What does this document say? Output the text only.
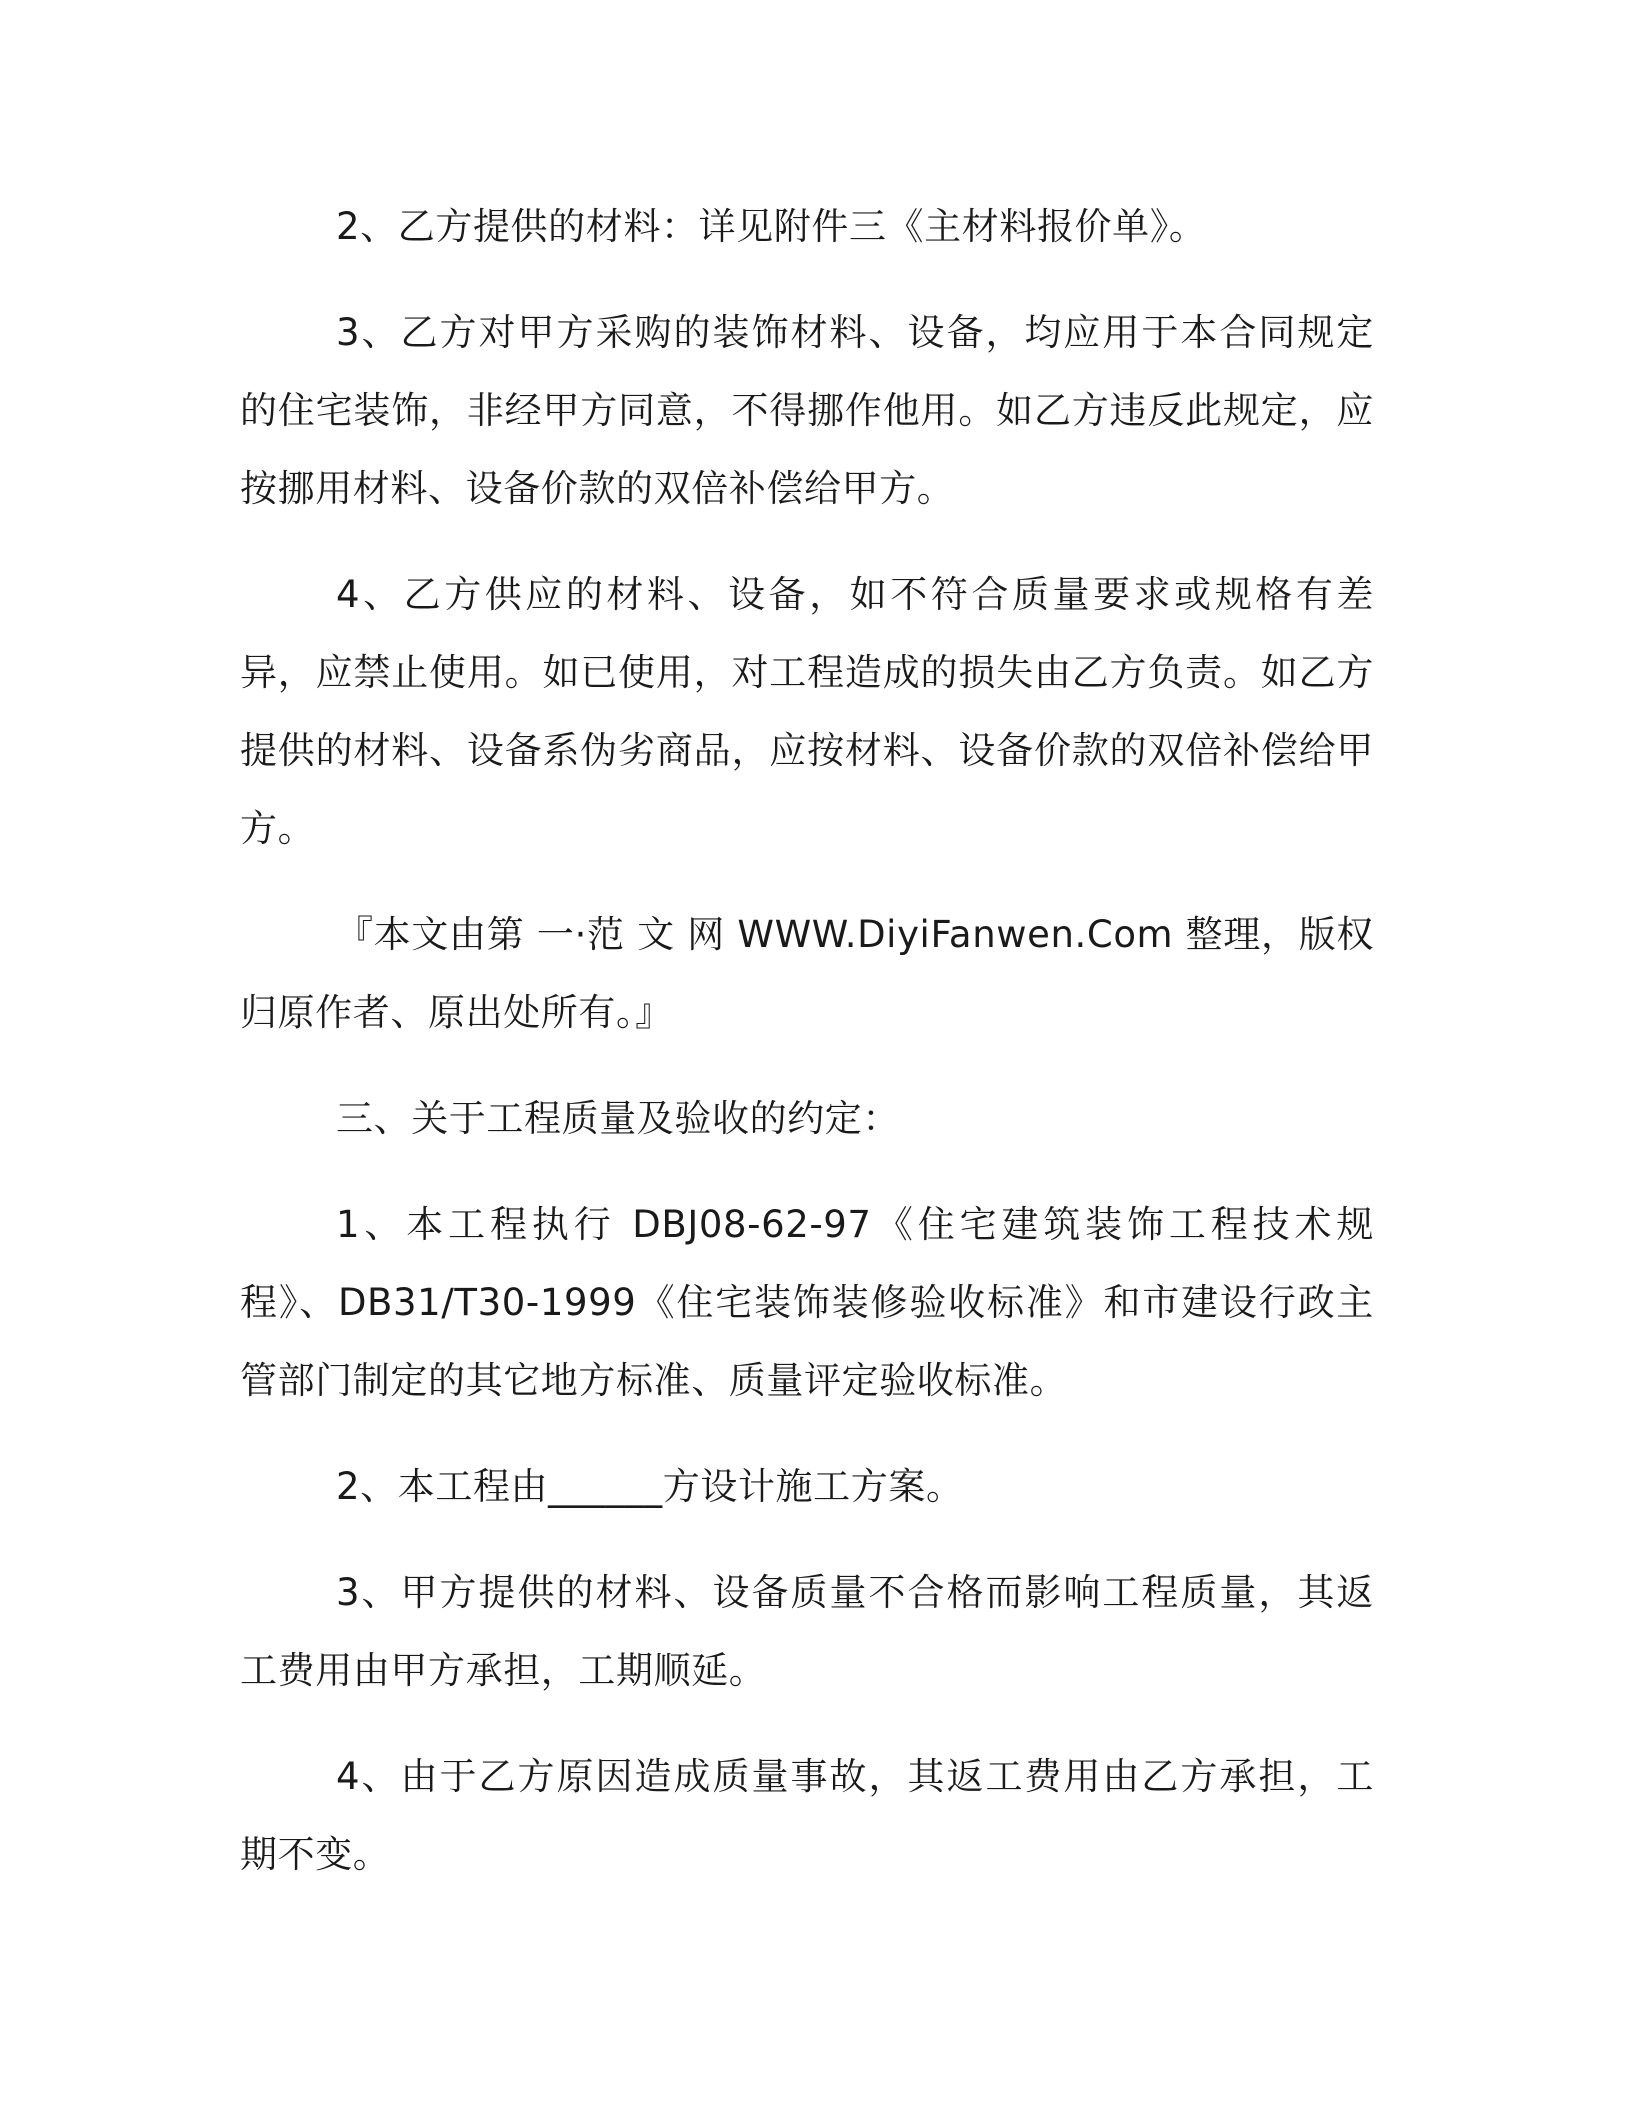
2、乙方提供的材料：详见附件三《主材料报价单》。

3、乙方对甲方采购的装饰材料、设备，均应用于本合同规定的住宅装饰，非经甲方同意，不得挪作他用。如乙方违反此规定，应按挪用材料、设备价款的双倍补偿给甲方。

4、乙方供应的材料、设备，如不符合质量要求或规格有差异，应禁止使用。如已使用，对工程造成的损失由乙方负责。如乙方提供的材料、设备系伪劣商品，应按材料、设备价款的双倍补偿给甲方。

『本文由第 一·范 文 网 WWW.DiyiFanwen.Com 整理，版权归原作者、原出处所有。』

三、关于工程质量及验收的约定：

1、本工程执行 DBJ08-62-97《住宅建筑装饰工程技术规程》、DB31/T30-1999《住宅装饰装修验收标准》和市建设行政主管部门制定的其它地方标准、质量评定验收标准。

2、本工程由______方设计施工方案。

3、甲方提供的材料、设备质量不合格而影响工程质量，其返工费用由甲方承担，工期顺延。

4、由于乙方原因造成质量事故，其返工费用由乙方承担，工期不变。
